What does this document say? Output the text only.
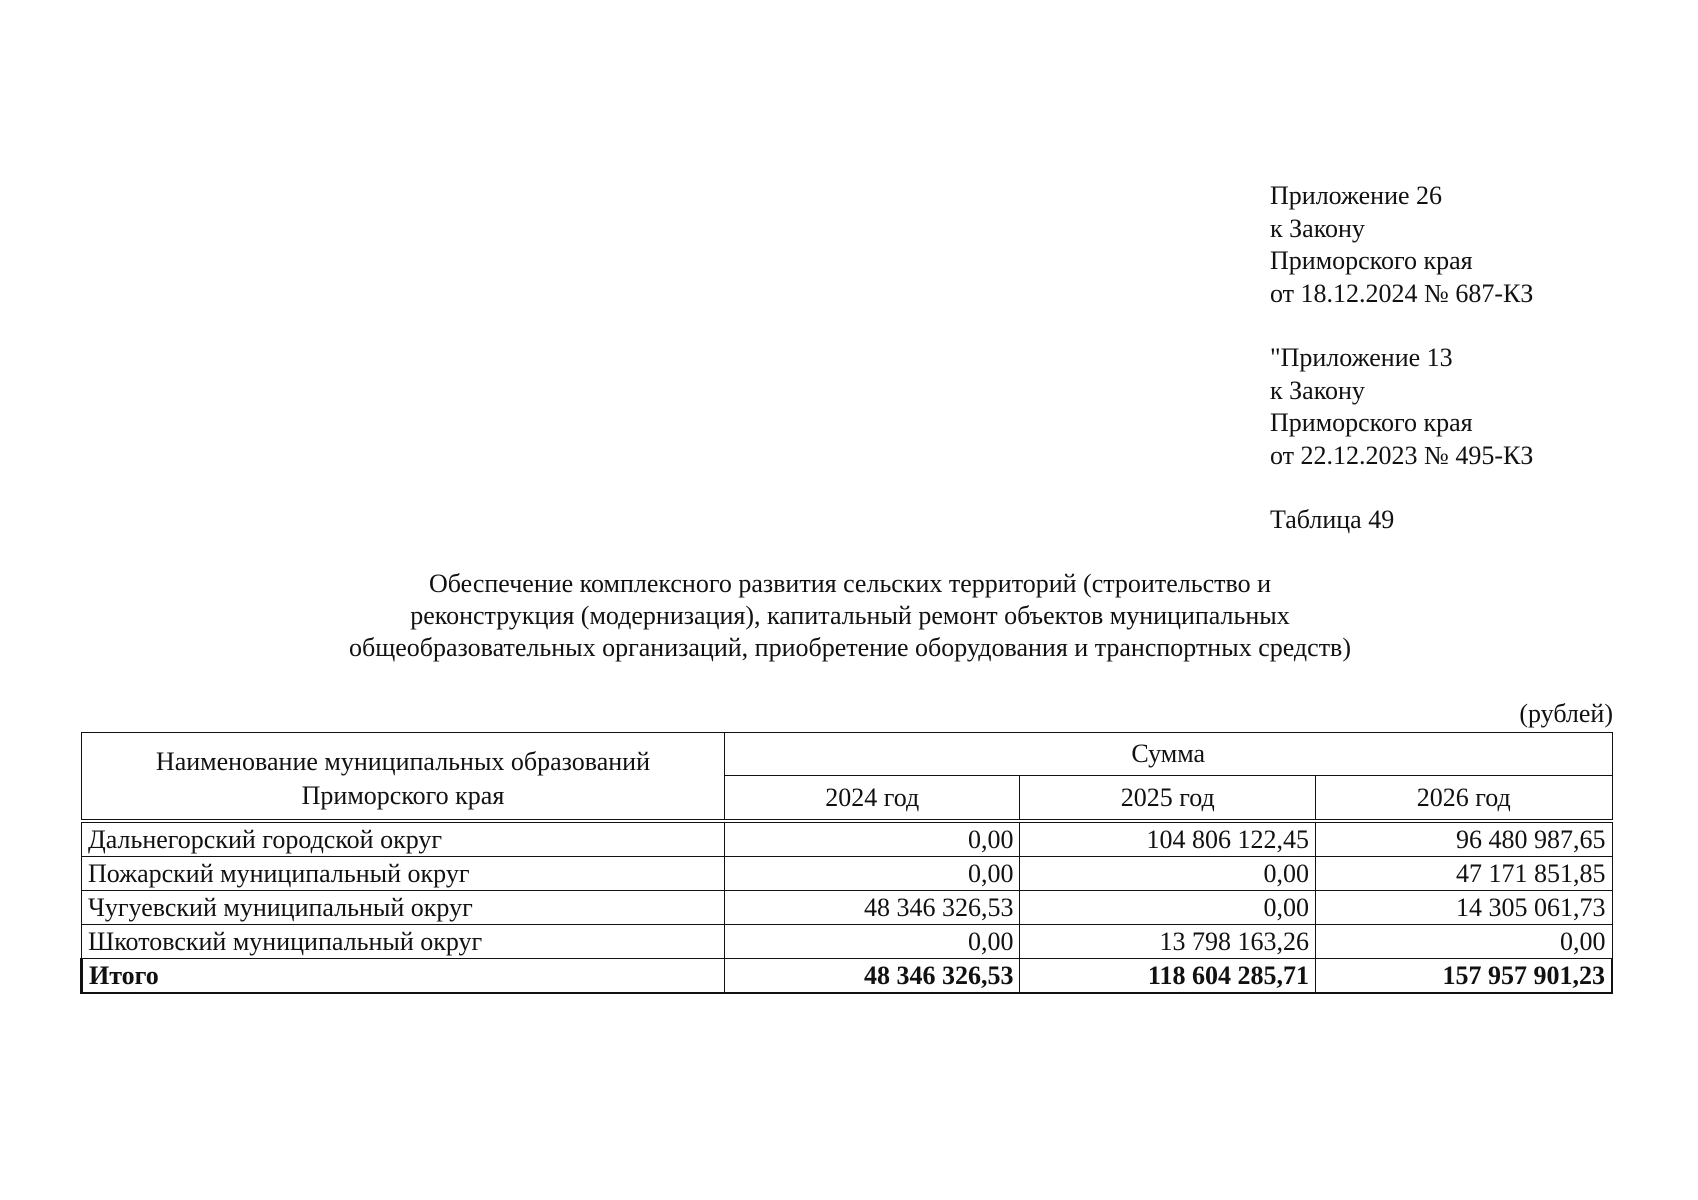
Приложение 26
к Закону
Приморского края
от 18.12.2024 № 687-КЗ
"Приложение 13
к Закону
Приморского края
от 22.12.2023 № 495-КЗ
Таблица 49
Обеспечение комплексного развития сельских территорий (строительство и
реконструкция (модернизация), капитальный ремонт объектов муниципальных
общеобразовательных организаций, приобретение оборудования и транспортных средств)
(рублей)
Наименование муниципальных образований
Приморского края	Сумма		
	2024 год	2025 год	2026 год
Дальнегорский городской округ	0,00	104 806 122,45	96 480 987,65
Пожарский муниципальный округ	0,00	0,00	47 171 851,85
Чугуевский муниципальный округ	48 346 326,53	0,00	14 305 061,73
Шкотовский муниципальный округ	0,00	13 798 163,26	0,00
Итого	48 346 326,53	118 604 285,71	157 957 901,23
